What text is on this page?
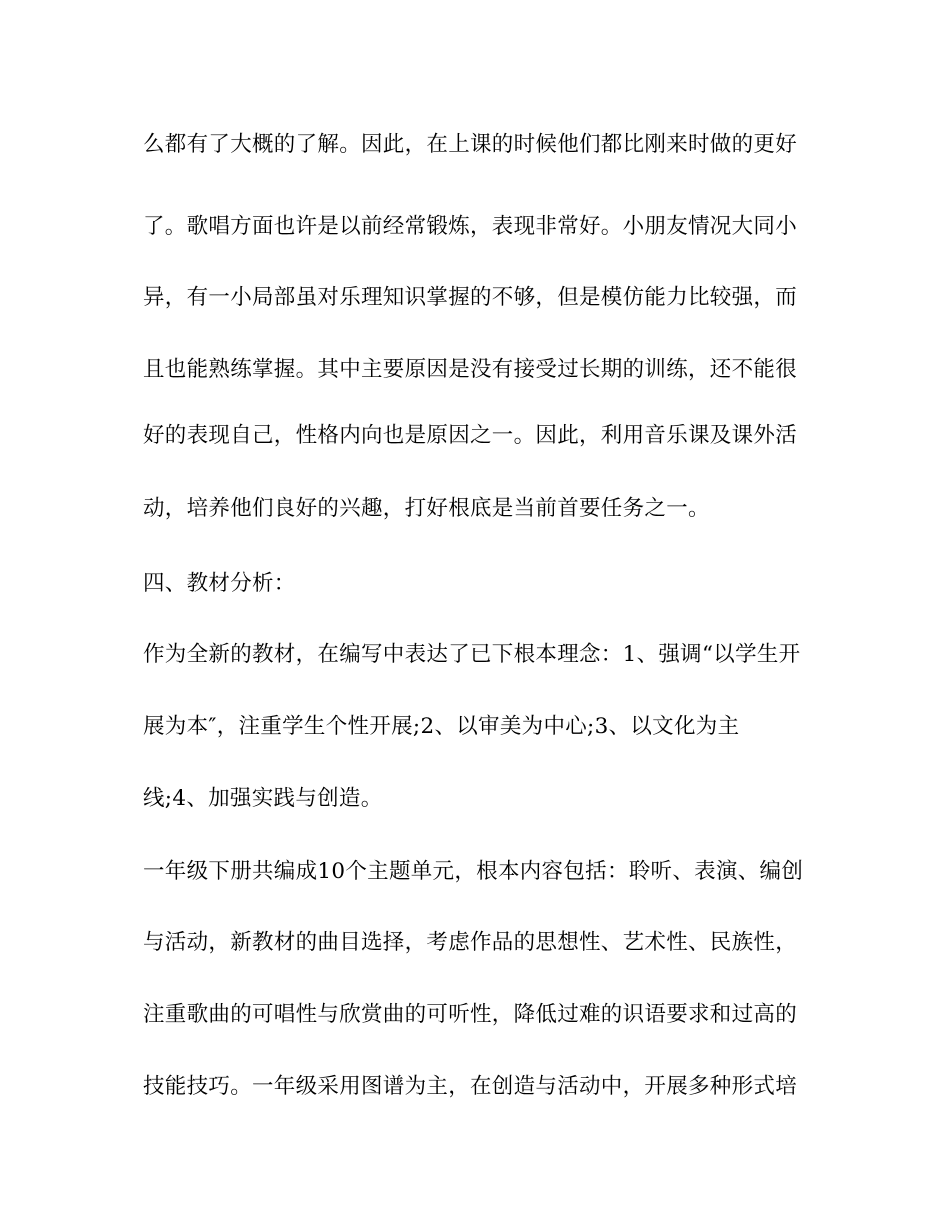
么都有了大概的了解。因此，在上课的时候他们都比刚来时做的更好
了。歌唱方面也许是以前经常锻炼，表现非常好。小朋友情况大同小
异，有一小局部虽对乐理知识掌握的不够，但是模仿能力比较强，而
且也能熟练掌握。其中主要原因是没有接受过长期的训练，还不能很
好的表现自己，性格内向也是原因之一。因此，利用音乐课及课外活
动，培养他们良好的兴趣，打好根底是当前首要任务之一。
四、教材分析：
作为全新的教材，在编写中表达了已下根本理念：1、强调“以学生开
展为本″，注重学生个性开展;2、以审美为中心;3、以文化为主
线;4、加强实践与创造。
一年级下册共编成10个主题单元，根本内容包括：聆听、表演、编创
与活动，新教材的曲目选择，考虑作品的思想性、艺术性、民族性，
注重歌曲的可唱性与欣赏曲的可听性，降低过难的识语要求和过高的
技能技巧。一年级采用图谱为主，在创造与活动中，开展多种形式培
